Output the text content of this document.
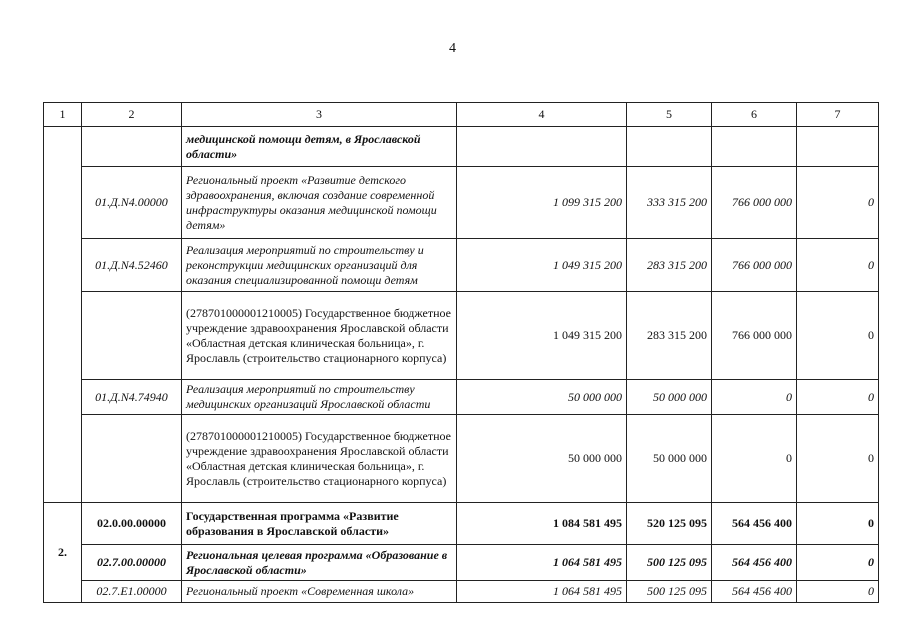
4
1	2	3	4	5	6	7
		медицинской помощи детям, в Ярославской области»				
	01.Д.N4.00000	Региональный проект «Развитие детского здравоохранения, включая создание современной инфраструктуры оказания медицинской помощи детям»	1 099 315 200	333 315 200	766 000 000	0
	01.Д.N4.52460	Реализация мероприятий по строительству и реконструкции медицинских организаций для оказания специализированной помощи детям	1 049 315 200	283 315 200	766 000 000	0
		(278701000001210005) Государственное бюджетное учреждение здравоохранения Ярославской области «Областная детская клиническая больница», г. Ярославль (строительство стационарного корпуса)	1 049 315 200	283 315 200	766 000 000	0
	01.Д.N4.74940	Реализация мероприятий по строительству медицинских организаций Ярославской области	50 000 000	50 000 000	0	0
		(278701000001210005) Государственное бюджетное учреждение здравоохранения Ярославской области «Областная детская клиническая больница», г. Ярославль (строительство стационарного корпуса)	50 000 000	50 000 000	0	0
2.	02.0.00.00000	Государственная программа «Развитие образования в Ярославской области»	1 084 581 495	520 125 095	564 456 400	0
	02.7.00.00000	Региональная целевая программа «Образование в Ярославской области»	1 064 581 495	500 125 095	564 456 400	0
	02.7.E1.00000	Региональный проект «Современная школа»	1 064 581 495	500 125 095	564 456 400	0
